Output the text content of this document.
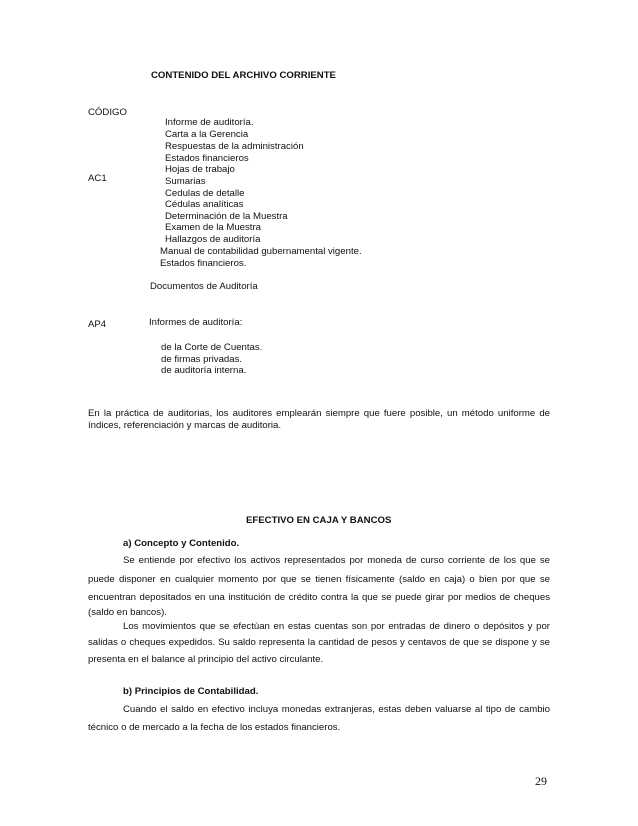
CONTENIDO DEL ARCHIVO CORRIENTE
CÓDIGO
AC1
AP4
Informe de auditoría.
Carta a la Gerencia
Respuestas de la administración
Estados financieros
Hojas de trabajo
Sumarias
Cedulas de detalle
Cédulas analíticas
Determinación de la Muestra
Examen de la Muestra
Hallazgos de auditoría
Manual de contabilidad gubernamental vigente.
Estados financieros.
Documentos de Auditoría
Informes de auditoría:
de la Corte de Cuentas.
de firmas privadas.
de auditoría interna.
En la práctica de auditorias, los auditores emplearán siempre que fuere posible, un método uniforme de
índices, referenciación y marcas de auditoria.
EFECTIVO EN CAJA Y BANCOS
a) Concepto y Contenido.
Se entiende por efectivo los activos representados por moneda de curso corriente de los que se
puede disponer en cualquier momento por que se tienen físicamente (saldo en caja) o bien por que se
encuentran depositados en una institución de crédito contra la que se puede girar por medios de cheques
(saldo en bancos).
Los movimientos que se efectúan en estas cuentas son por entradas de dinero o depósitos y por
salidas o cheques expedidos. Su saldo representa la cantidad de pesos y centavos de que se dispone y se
presenta en el balance al principio del activo circulante.
b) Principios de Contabilidad.
Cuando el saldo en efectivo incluya monedas extranjeras, estas deben valuarse al tipo de cambio
técnico o de mercado a la fecha de los estados financieros.
29
